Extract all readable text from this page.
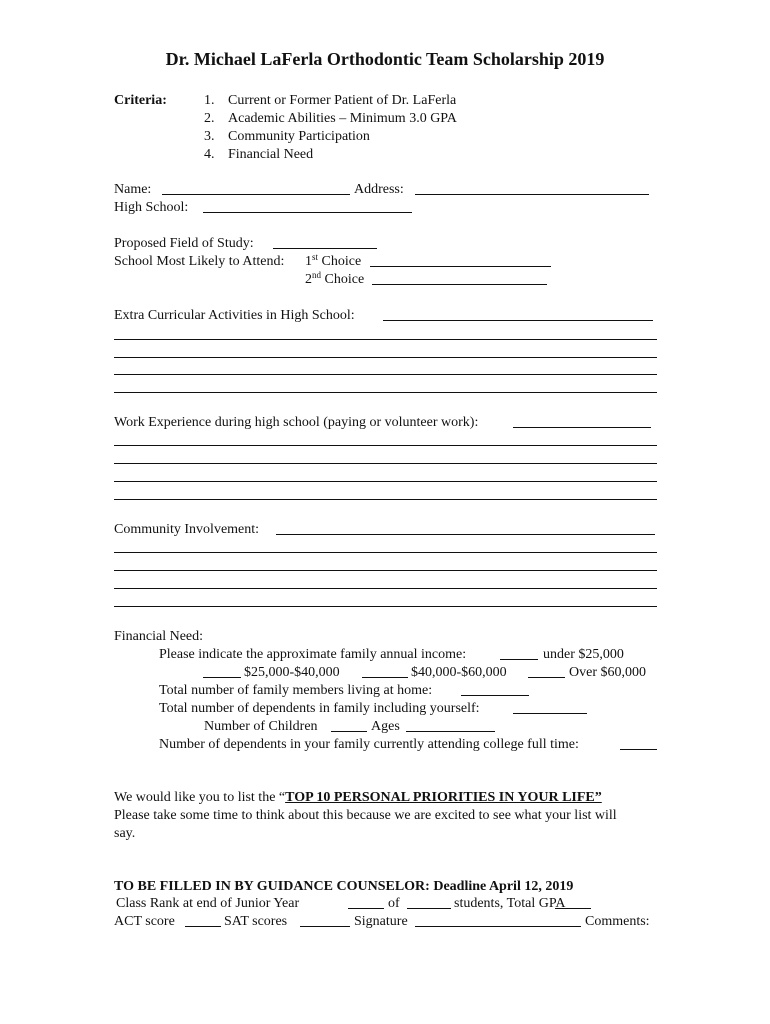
Dr. Michael LaFerla Orthodontic Team Scholarship 2019
Criteria:	1. Current or Former Patient of Dr. LaFerla
2. Academic Abilities – Minimum 3.0 GPA
3. Community Participation
4. Financial Need
Name:	Address:
High School:
Proposed Field of Study:
School Most Likely to Attend: 1st Choice
2nd Choice
Extra Curricular Activities in High School:
Work Experience during high school (paying or volunteer work):
Community Involvement:
Financial Need:
Please indicate the approximate family annual income:	under $25,000
$25,000-$40,000	$40,000-$60,000	Over $60,000
Total number of family members living at home:
Total number of dependents in family including yourself:
Number of Children	Ages
Number of dependents in your family currently attending college full time:
We would like you to list the “TOP 10 PERSONAL PRIORITIES IN YOUR LIFE”
Please take some time to think about this because we are excited to see what your list will
say.
TO BE FILLED IN BY GUIDANCE COUNSELOR: Deadline April 12, 2019
Class Rank at end of Junior Year	of	students, Total GPA
ACT score	SAT scores	Signature	Comments:
